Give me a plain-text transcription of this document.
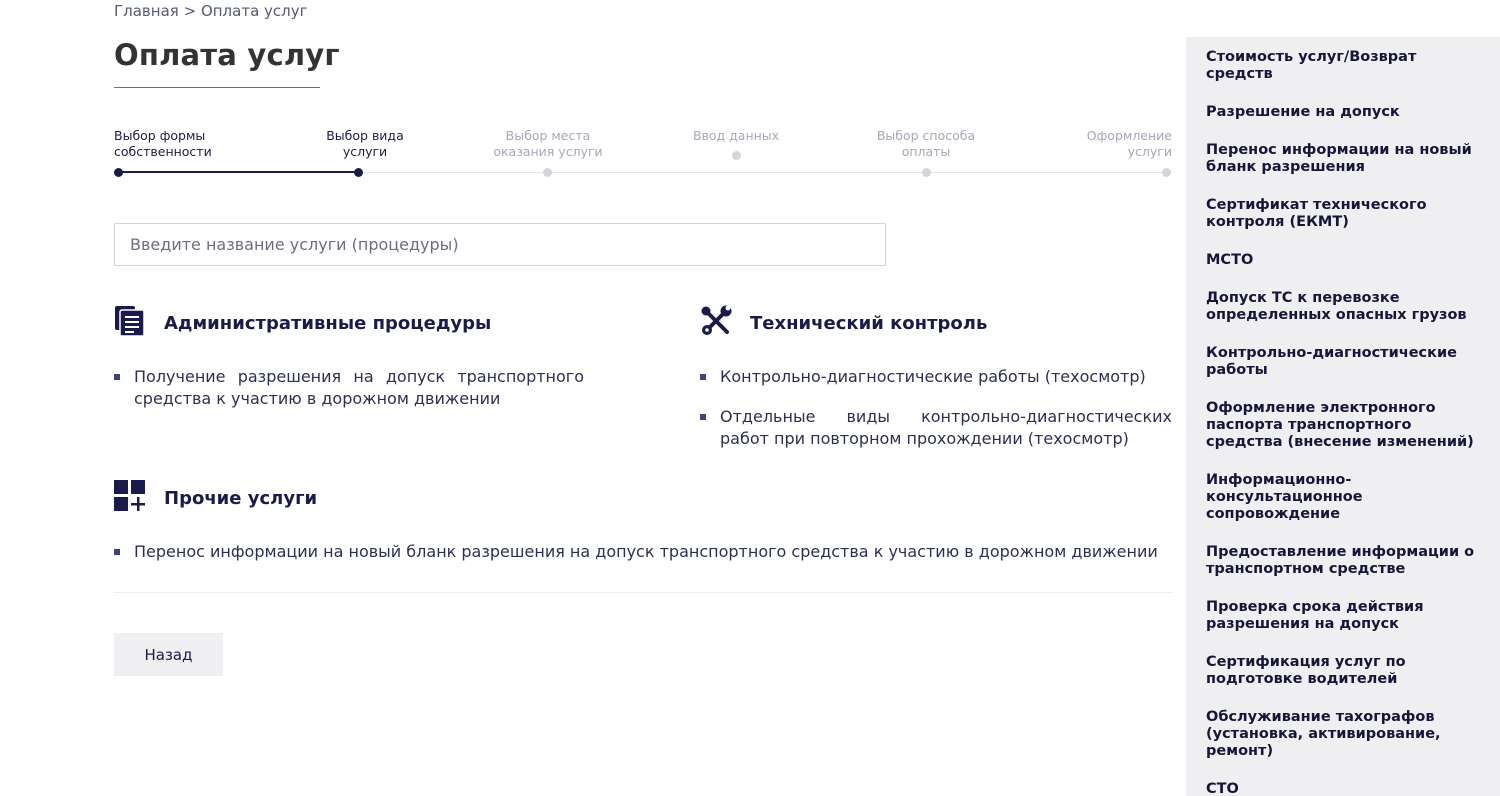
Главная > Оплата услуг
Оплата услуг
Выбор формы
собственности
Выбор вида
услуги
Выбор места
оказания услуги
Ввод данных	Выбор способа
оплаты
Оформление
услуги
Введите название услуги (процедуры)
Административные процедуры
Получение разрешения на допуск транспортного средства к участию в дорожном движении
Технический контроль
Контрольно-диагностические работы (техосмотр)
Отдельные виды контрольно-диагностических работ при повторном прохождении (техосмотр)
Прочие услуги
Перенос информации на новый бланк разрешения на допуск транспортного средства к участию в дорожном движении
Назад
Стоимость услуг/Возврат средств
Разрешение на допуск
Перенос информации на новый бланк разрешения
Сертификат технического контроля (ЕКМТ)
МСТО
Допуск ТС к перевозке определенных опасных грузов
Контрольно-диагностические работы
Оформление электронного паспорта транспортного средства (внесение изменений)
Информационно-консультационное сопровождение
Предоставление информации о транспортном средстве
Проверка срока действия разрешения на допуск
Сертификация услуг по подготовке водителей
Обслуживание тахографов (установка, активирование, ремонт)
СТО
